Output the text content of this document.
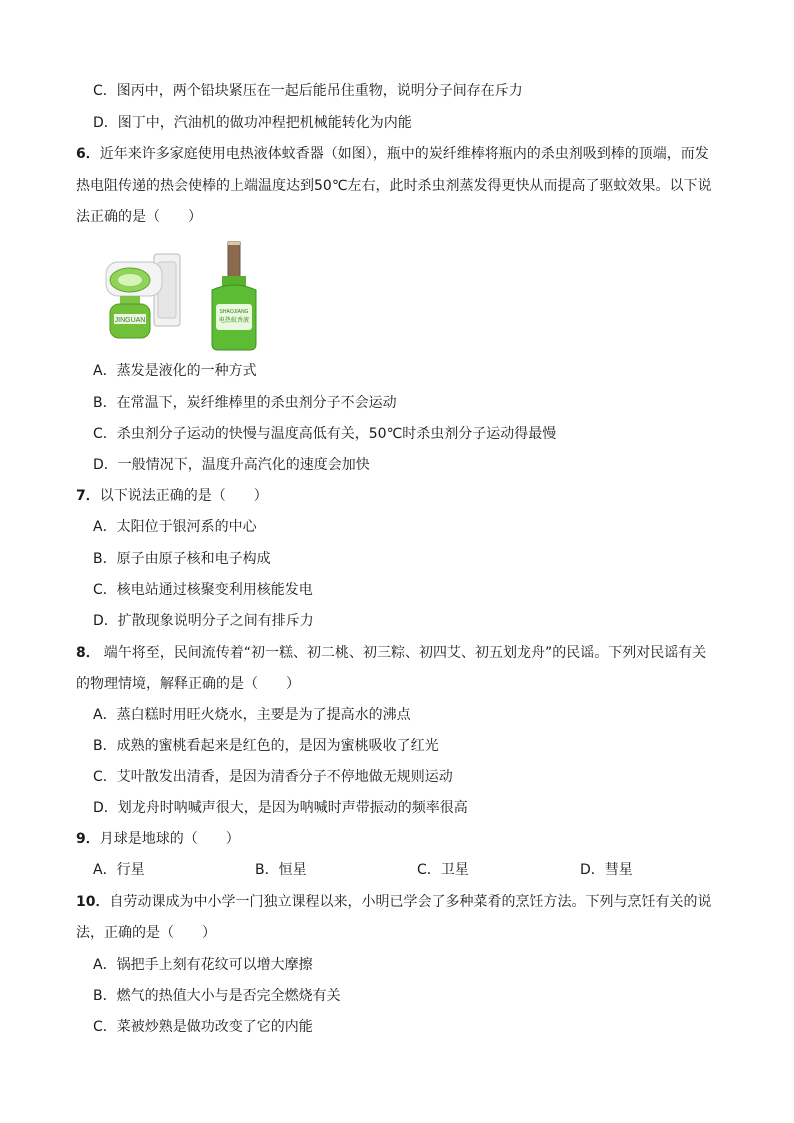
C．图丙中，两个铅块紧压在一起后能吊住重物，说明分子间存在斥力
D．图丁中，汽油机的做功冲程把机械能转化为内能
6．近年来许多家庭使用电热液体蚊香器（如图），瓶中的炭纤维棒将瓶内的杀虫剂吸到棒的顶端，而发
热电阻传递的热会使棒的上端温度达到50℃左右，此时杀虫剂蒸发得更快从而提高了驱蚊效果。以下说
法正确的是（　　）
JINGUAN
SHAOJIANG
电热蚊香液
A．蒸发是液化的一种方式
B．在常温下，炭纤维棒里的杀虫剂分子不会运动
C．杀虫剂分子运动的快慢与温度高低有关，50℃时杀虫剂分子运动得最慢
D．一般情况下，温度升高汽化的速度会加快
7．以下说法正确的是（　　）
A．太阳位于银河系的中心
B．原子由原子核和电子构成
C．核电站通过核聚变利用核能发电
D．扩散现象说明分子之间有排斥力
8． 端午将至，民间流传着“初一糕、初二桃、初三粽、初四艾、初五划龙舟”的民谣。下列对民谣有关
的物理情境，解释正确的是（　　）
A．蒸白糕时用旺火烧水，主要是为了提高水的沸点
B．成熟的蜜桃看起来是红色的，是因为蜜桃吸收了红光
C．艾叶散发出清香，是因为清香分子不停地做无规则运动
D．划龙舟时呐喊声很大，是因为呐喊时声带振动的频率很高
9．月球是地球的（　　）
A．行星	B．恒星	C．卫星	D．彗星
10．自劳动课成为中小学一门独立课程以来，小明已学会了多种菜肴的烹饪方法。下列与烹饪有关的说
法，正确的是（　　）
A．锅把手上刻有花纹可以增大摩擦
B．燃气的热值大小与是否完全燃烧有关
C．菜被炒熟是做功改变了它的内能
